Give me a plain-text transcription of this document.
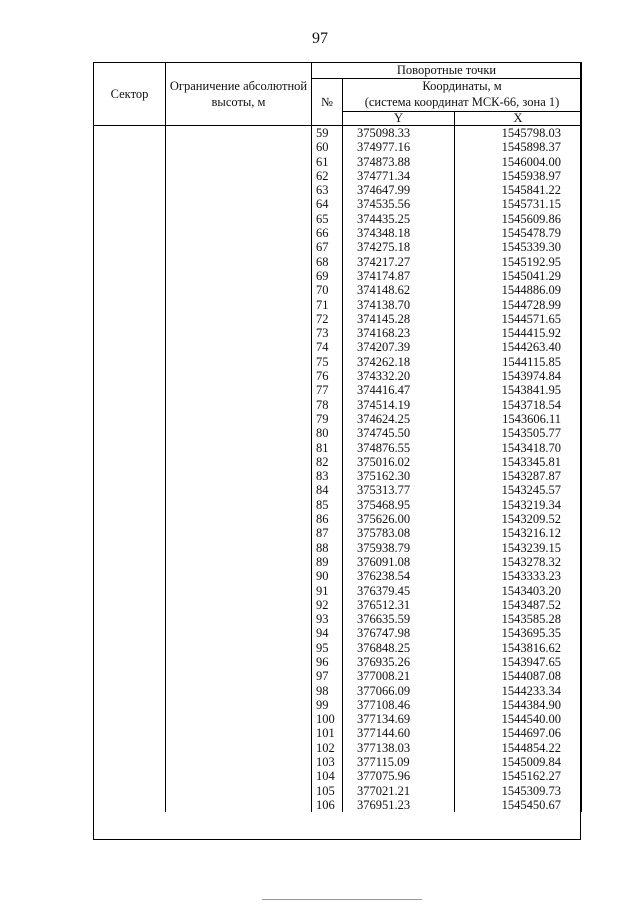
97
Сектор	Ограничение абсолютной высоты, м	Поворотные точки		
		№	Координаты, м	
			(система координат МСК-66, зона 1)	
			Y	X
		59	375098.33	1545798.03
		60	374977.16	1545898.37
		61	374873.88	1546004.00
		62	374771.34	1545938.97
		63	374647.99	1545841.22
		64	374535.56	1545731.15
		65	374435.25	1545609.86
		66	374348.18	1545478.79
		67	374275.18	1545339.30
		68	374217.27	1545192.95
		69	374174.87	1545041.29
		70	374148.62	1544886.09
		71	374138.70	1544728.99
		72	374145.28	1544571.65
		73	374168.23	1544415.92
		74	374207.39	1544263.40
		75	374262.18	1544115.85
		76	374332.20	1543974.84
		77	374416.47	1543841.95
		78	374514.19	1543718.54
		79	374624.25	1543606.11
		80	374745.50	1543505.77
		81	374876.55	1543418.70
		82	375016.02	1543345.81
		83	375162.30	1543287.87
		84	375313.77	1543245.57
		85	375468.95	1543219.34
		86	375626.00	1543209.52
		87	375783.08	1543216.12
		88	375938.79	1543239.15
		89	376091.08	1543278.32
		90	376238.54	1543333.23
		91	376379.45	1543403.20
		92	376512.31	1543487.52
		93	376635.59	1543585.28
		94	376747.98	1543695.35
		95	376848.25	1543816.62
		96	376935.26	1543947.65
		97	377008.21	1544087.08
		98	377066.09	1544233.34
		99	377108.46	1544384.90
		100	377134.69	1544540.00
		101	377144.60	1544697.06
		102	377138.03	1544854.22
		103	377115.09	1545009.84
		104	377075.96	1545162.27
		105	377021.21	1545309.73
		106	376951.23	1545450.67
